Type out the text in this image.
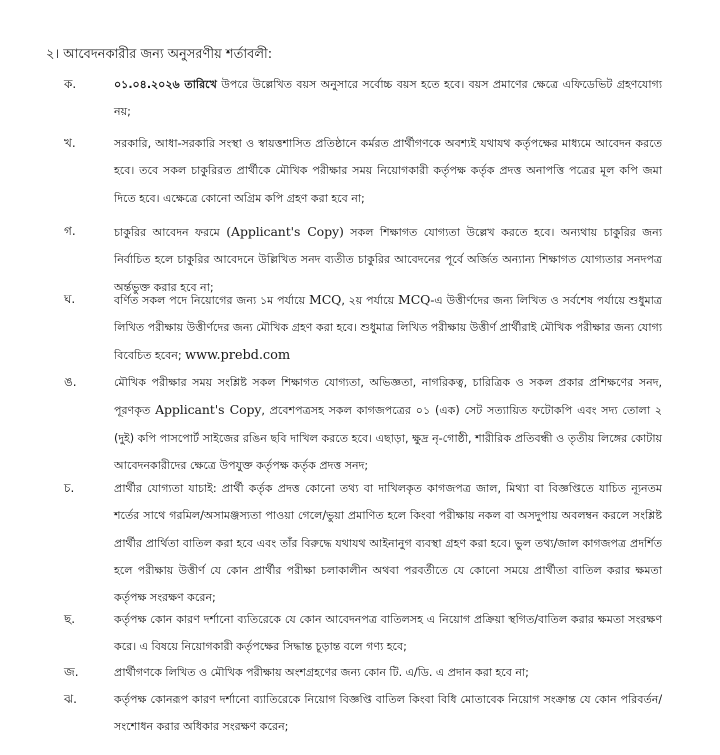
২। আবেদনকারীর জন্য অনুসরণীয় শর্তাবলী:
ক.	০১.০৪.২০২৬ তারিখে উপরে উল্লেখিত বয়স অনুসারে সর্বোচ্চ বয়স হতে হবে। বয়স প্রমাণের ক্ষেত্রে এফিডেভিট গ্রহণযোগ্য নয়;
খ.	সরকারি, আধা-সরকারি সংস্থা ও স্বায়ত্তশাসিত প্রতিষ্ঠানে কর্মরত প্রার্থীগণকে অবশ্যই যথাযথ কর্তৃপক্ষের মাধ্যমে আবেদন করতে হবে। তবে সকল চাকুরিরত প্রার্থীকে মৌখিক পরীক্ষার সময় নিয়োগকারী কর্তৃপক্ষ কর্তৃক প্রদত্ত অনাপত্তি পত্রের মূল কপি জমা দিতে হবে। এক্ষেত্রে কোনো অগ্রিম কপি গ্রহণ করা হবে না;
গ.	চাকুরির আবেদন ফরমে (Applicant's Copy) সকল শিক্ষাগত যোগ্যতা উল্লেখ করতে হবে। অন্যথায় চাকুরির জন্য নির্বাচিত হলে চাকুরির আবেদনে উল্লিখিত সনদ ব্যতীত চাকুরির আবেদনের পূর্বে অর্জিত অন্যান্য শিক্ষাগত যোগ্যতার সনদপত্র অর্ন্তভুক্ত করার হবে না;
ঘ.	বর্ণিত সকল পদে নিয়োগের জন্য ১ম পর্যায়ে MCQ, ২য় পর্যায়ে MCQ-এ উত্তীর্ণদের জন্য লিখিত ও সর্বশেষ পর্যায়ে শুধুমাত্র লিখিত পরীক্ষায় উত্তীর্ণদের জন্য মৌখিক গ্রহণ করা হবে। শুধুমাত্র লিখিত পরীক্ষায় উত্তীর্ণ প্রার্থীরাই মৌখিক পরীক্ষার জন্য যোগ্য বিবেচিত হবেন; www.prebd.com
ঙ.	মৌখিক পরীক্ষার সময় সংশ্লিষ্ট সকল শিক্ষাগত যোগ্যতা, অভিজ্ঞতা, নাগরিকত্ব, চারিত্রিক ও সকল প্রকার প্রশিক্ষণের সনদ, পূরণকৃত Applicant's Copy, প্রবেশপত্রসহ সকল কাগজপত্রের ০১ (এক) সেট সত্যায়িত ফটোকপি এবং সদ্য তোলা ২ (দুই) কপি পাসপোর্ট সাইজের রঙিন ছবি দাখিল করতে হবে। এছাড়া, ক্ষুদ্র নৃ-গোষ্ঠী, শারীরিক প্রতিবন্ধী ও তৃতীয় লিঙ্গের কোটায় আবেদনকারীদের ক্ষেত্রে উপযুক্ত কর্তৃপক্ষ কর্তৃক প্রদত্ত সনদ;
চ.	প্রার্থীর যোগ্যতা যাচাই: প্রার্থী কর্তৃক প্রদত্ত কোনো তথ্য বা দাখিলকৃত কাগজপত্র জাল, মিথ্যা বা বিজ্ঞপ্তিতে যাচিত ন্যূনতম শর্তের সাথে গরমিল/অসামঞ্জস্যতা পাওয়া গেলে/ভুয়া প্রমাণিত হলে কিংবা পরীক্ষায় নকল বা অসদুপায় অবলম্বন করলে সংশ্লিষ্ট প্রার্থীর প্রার্থিতা বাতিল করা হবে এবং তাঁর বিরুদ্ধে যথাযথ আইনানুগ ব্যবস্থা গ্রহণ করা হবে। ভুল তথ্য/জাল কাগজপত্র প্রদর্শিত হলে পরীক্ষায় উত্তীর্ণ যে কোন প্রার্থীর পরীক্ষা চলাকালীন অথবা পরবর্তীতে যে কোনো সময়ে প্রার্থীতা বাতিল করার ক্ষমতা কর্তৃপক্ষ সংরক্ষণ করেন;
ছ.	কর্তৃপক্ষ কোন কারণ দর্শানো ব্যতিরেকে যে কোন আবেদনপত্র বাতিলসহ এ নিয়োগ প্রক্রিয়া স্থগিত/বাতিল করার ক্ষমতা সংরক্ষণ করে। এ বিষয়ে নিয়োগকারী কর্তৃপক্ষের সিদ্ধান্ত চূড়ান্ত বলে গণ্য হবে;
জ.	প্রার্থীগণকে লিখিত ও মৌখিক পরীক্ষায় অংশগ্রহণের জন্য কোন টি. এ/ডি. এ প্রদান করা হবে না;
ঝ.	কর্তৃপক্ষ কোনরূপ কারণ দর্শানো ব্যাতিরেকে নিয়োগ বিজ্ঞপ্তি বাতিল কিংবা বিধি মোতাবেক নিয়োগ সংক্রান্ত যে কোন পরিবর্তন/সংশোধন করার অধিকার সংরক্ষণ করেন;
